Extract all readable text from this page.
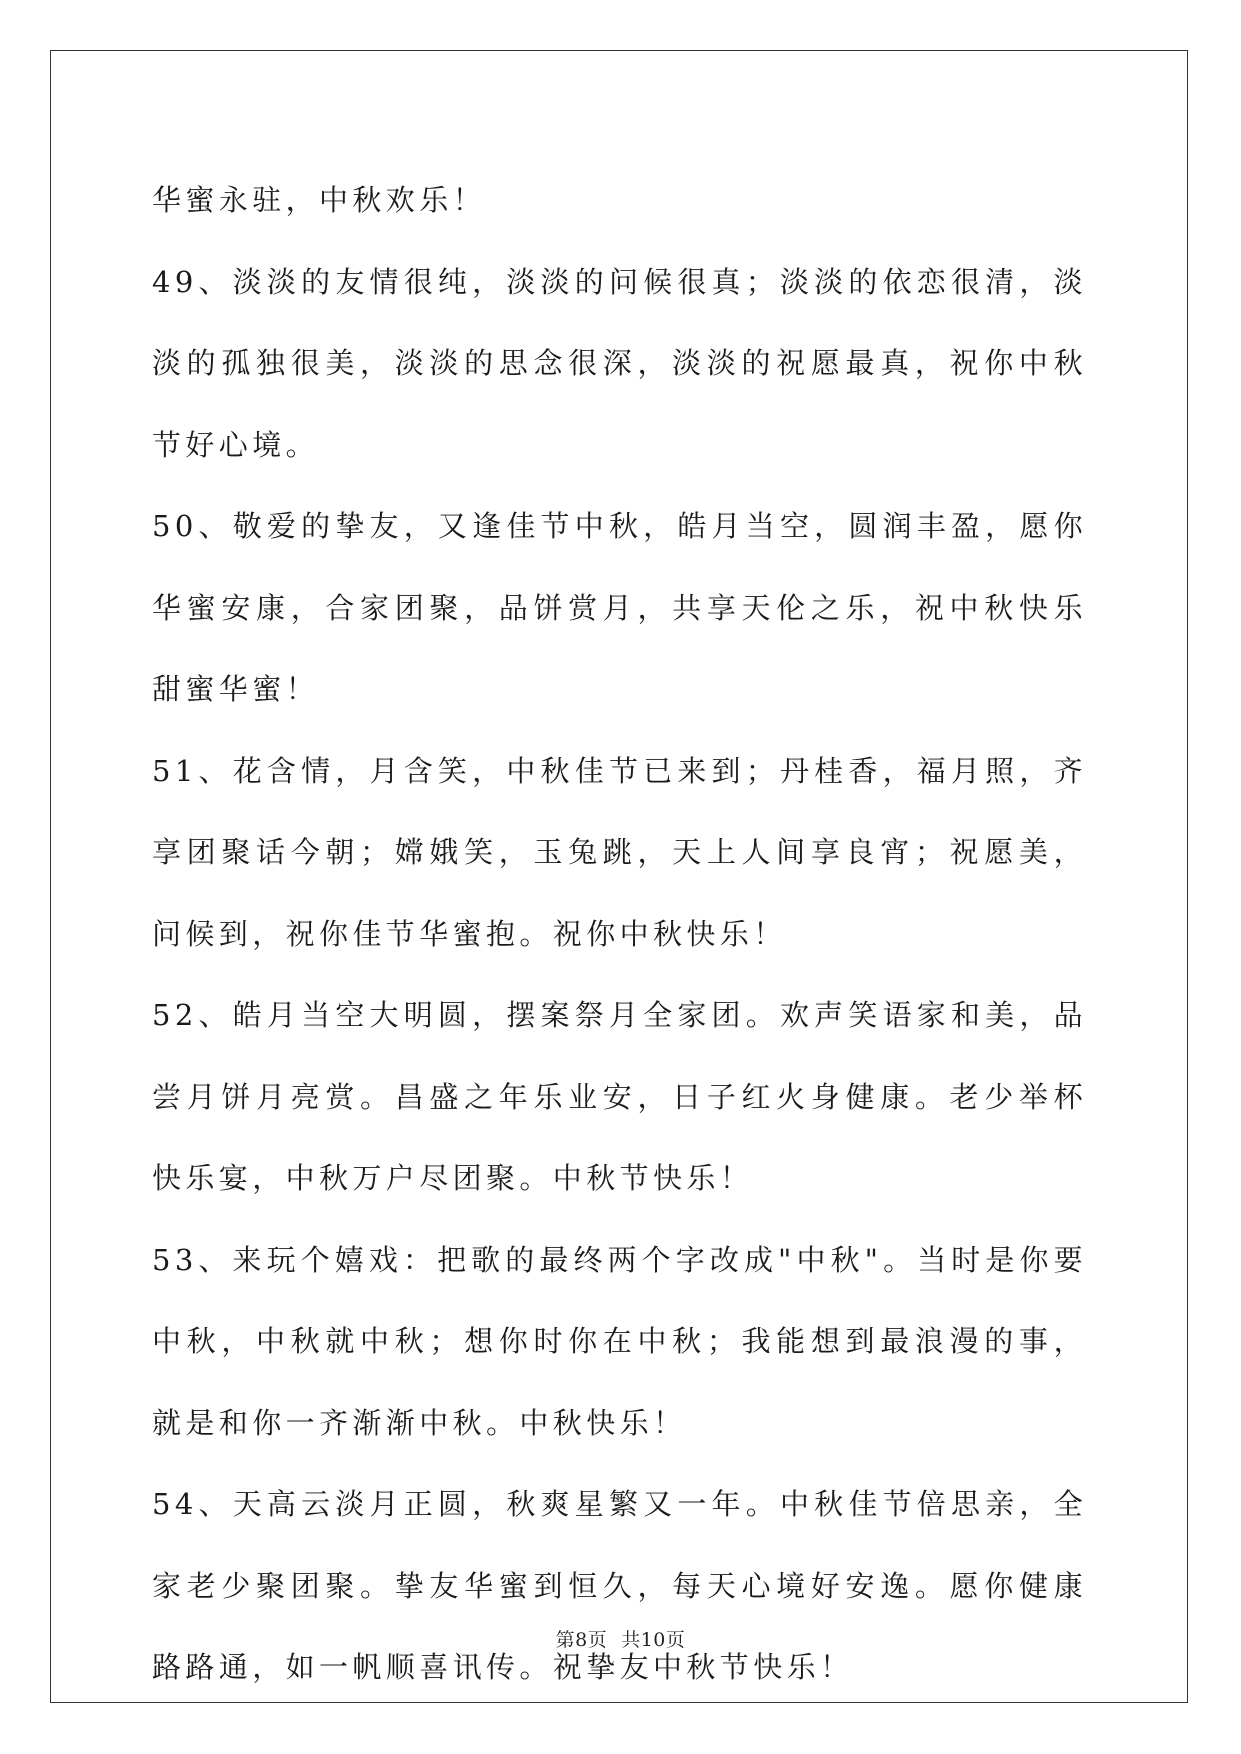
华蜜永驻，中秋欢乐！

49、淡淡的友情很纯，淡淡的问候很真；淡淡的依恋很清，淡淡的孤独很美，淡淡的思念很深，淡淡的祝愿最真，祝你中秋节好心境。

50、敬爱的挚友，又逢佳节中秋，皓月当空，圆润丰盈，愿你华蜜安康，合家团聚，品饼赏月，共享天伦之乐，祝中秋快乐甜蜜华蜜！

51、花含情，月含笑，中秋佳节已来到；丹桂香，福月照，齐享团聚话今朝；嫦娥笑，玉兔跳，天上人间享良宵；祝愿美，问候到，祝你佳节华蜜抱。祝你中秋快乐！

52、皓月当空大明圆，摆案祭月全家团。欢声笑语家和美，品尝月饼月亮赏。昌盛之年乐业安，日子红火身健康。老少举杯快乐宴，中秋万户尽团聚。中秋节快乐！

53、来玩个嬉戏：把歌的最终两个字改成"中秋"。当时是你要中秋，中秋就中秋；想你时你在中秋；我能想到最浪漫的事，就是和你一齐渐渐中秋。中秋快乐！

54、天高云淡月正圆，秋爽星繁又一年。中秋佳节倍思亲，全家老少聚团聚。挚友华蜜到恒久，每天心境好安逸。愿你健康路路通，如一帆顺喜讯传。祝挚友中秋节快乐！

第8页 共10页
